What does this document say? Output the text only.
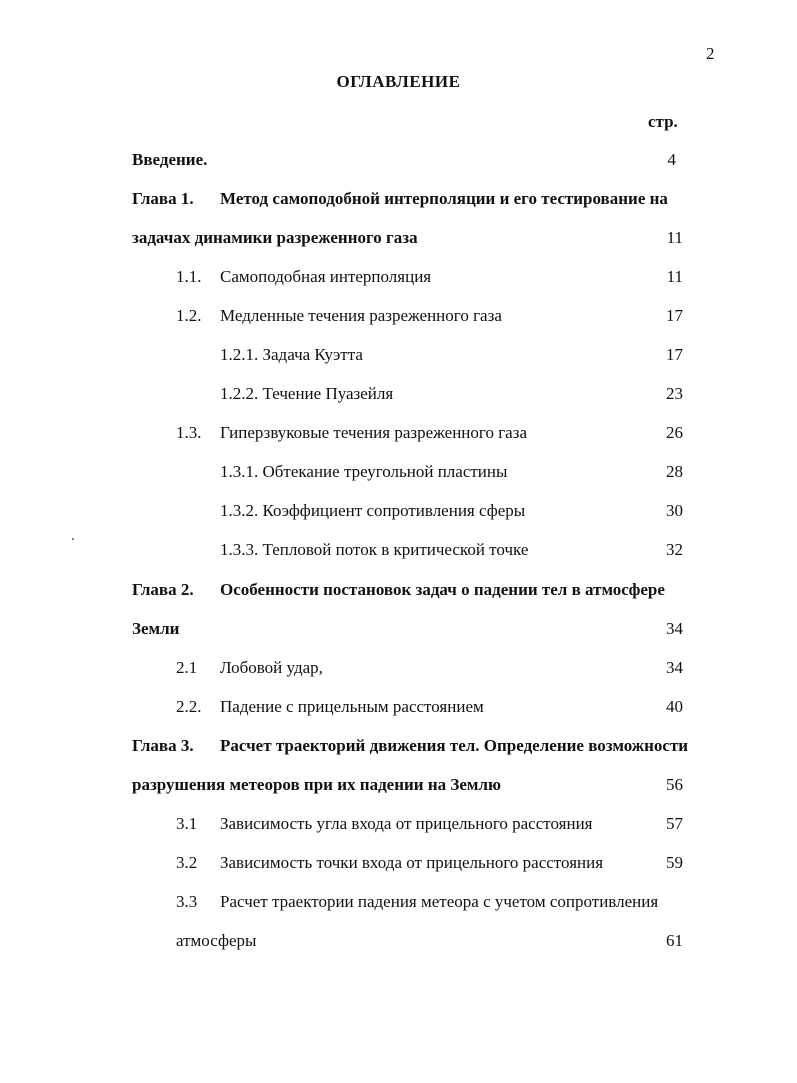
2
ОГЛАВЛЕНИЕ
стр.
Введение.	4
Глава 1. Метод самоподобной интерполяции и его тестирование на
задачах динамики разреженного газа	11
1.1. Самоподобная интерполяция	11
1.2. Медленные течения разреженного газа	17
1.2.1. Задача Куэтта	17
1.2.2. Течение Пуазейля	23
1.3. Гиперзвуковые течения разреженного газа	26
1.3.1. Обтекание треугольной пластины	28
1.3.2. Коэффициент сопротивления сферы	30
1.3.3. Тепловой поток в критической точке	32
Глава 2. Особенности постановок задач о падении тел в атмосфере
Земли	34
2.1 Лобовой удар,	34
2.2. Падение с прицельным расстоянием	40
Глава 3. Расчет траекторий движения тел. Определение возможности
разрушения метеоров при их падении на Землю	56
3.1 Зависимость угла входа от прицельного расстояния	57
3.2 Зависимость точки входа от прицельного расстояния	59
3.3 Расчет траектории падения метеора с учетом сопротивления
атмосферы	61
